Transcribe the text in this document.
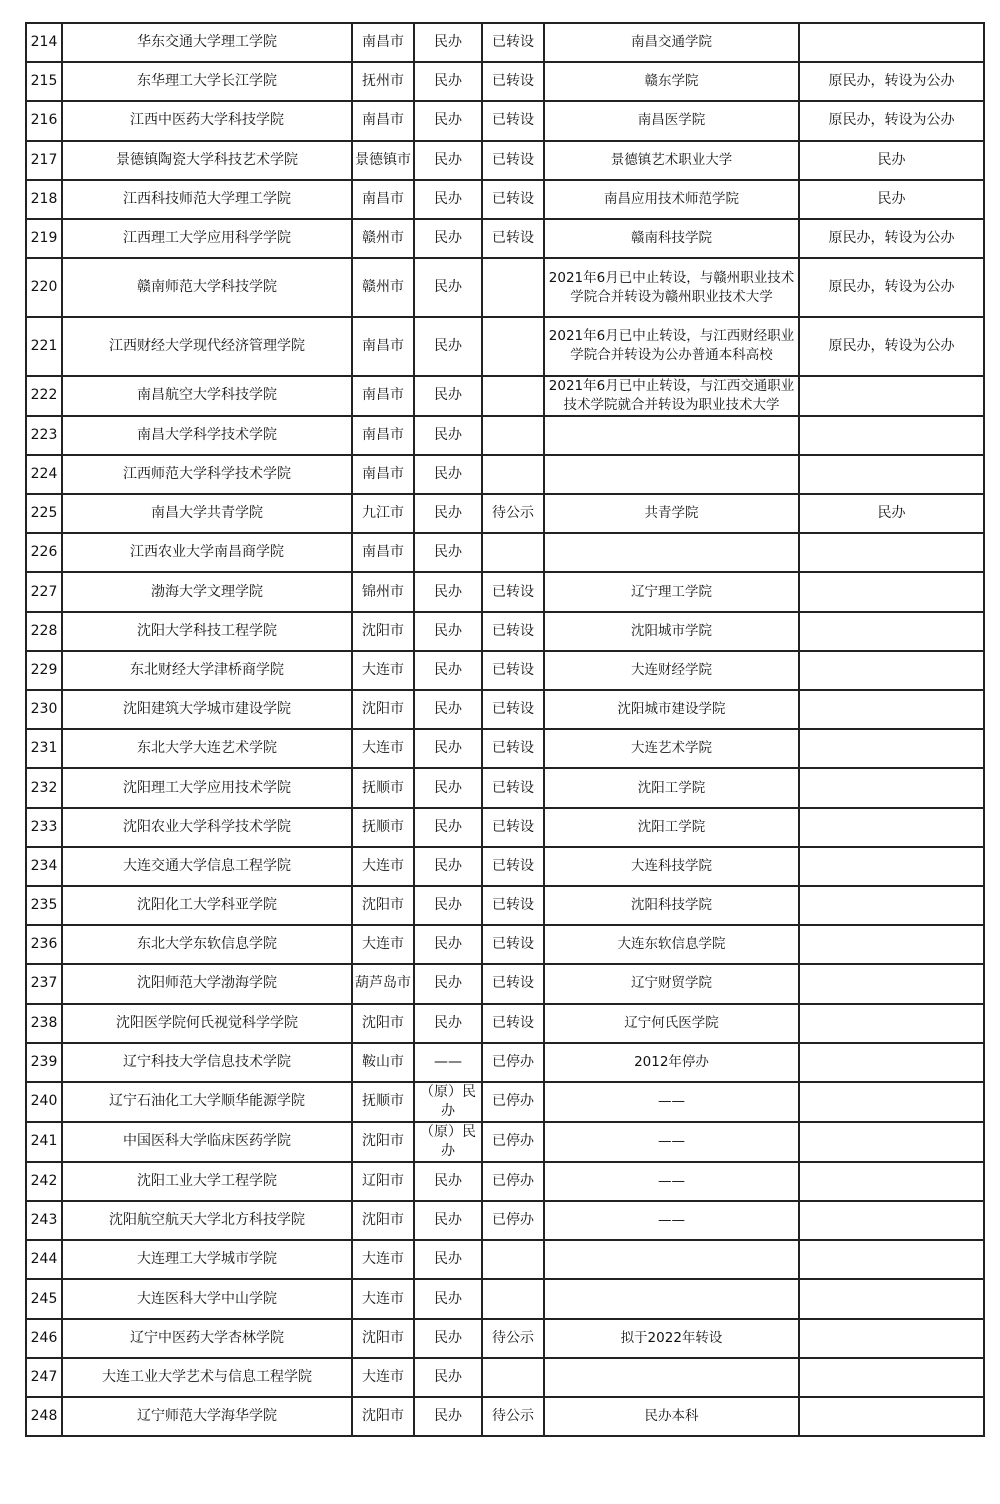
214	华东交通大学理工学院	南昌市	民办	已转设	南昌交通学院	
215	东华理工大学长江学院	抚州市	民办	已转设	赣东学院	原民办，转设为公办
216	江西中医药大学科技学院	南昌市	民办	已转设	南昌医学院	原民办，转设为公办
217	景德镇陶瓷大学科技艺术学院	景德镇市	民办	已转设	景德镇艺术职业大学	民办
218	江西科技师范大学理工学院	南昌市	民办	已转设	南昌应用技术师范学院	民办
219	江西理工大学应用科学学院	赣州市	民办	已转设	赣南科技学院	原民办，转设为公办
220	赣南师范大学科技学院	赣州市	民办		2021年6月已中止转设，与赣州职业技术学院合并转设为赣州职业技术大学	原民办，转设为公办
221	江西财经大学现代经济管理学院	南昌市	民办		2021年6月已中止转设，与江西财经职业学院合并转设为公办普通本科高校	原民办，转设为公办
222	南昌航空大学科技学院	南昌市	民办		2021年6月已中止转设，与江西交通职业技术学院就合并转设为职业技术大学	
223	南昌大学科学技术学院	南昌市	民办			
224	江西师范大学科学技术学院	南昌市	民办			
225	南昌大学共青学院	九江市	民办	待公示	共青学院	民办
226	江西农业大学南昌商学院	南昌市	民办			
227	渤海大学文理学院	锦州市	民办	已转设	辽宁理工学院	
228	沈阳大学科技工程学院	沈阳市	民办	已转设	沈阳城市学院	
229	东北财经大学津桥商学院	大连市	民办	已转设	大连财经学院	
230	沈阳建筑大学城市建设学院	沈阳市	民办	已转设	沈阳城市建设学院	
231	东北大学大连艺术学院	大连市	民办	已转设	大连艺术学院	
232	沈阳理工大学应用技术学院	抚顺市	民办	已转设	沈阳工学院	
233	沈阳农业大学科学技术学院	抚顺市	民办	已转设	沈阳工学院	
234	大连交通大学信息工程学院	大连市	民办	已转设	大连科技学院	
235	沈阳化工大学科亚学院	沈阳市	民办	已转设	沈阳科技学院	
236	东北大学东软信息学院	大连市	民办	已转设	大连东软信息学院	
237	沈阳师范大学渤海学院	葫芦岛市	民办	已转设	辽宁财贸学院	
238	沈阳医学院何氏视觉科学学院	沈阳市	民办	已转设	辽宁何氏医学院	
239	辽宁科技大学信息技术学院	鞍山市	——	已停办	2012年停办	
240	辽宁石油化工大学顺华能源学院	抚顺市	（原）民办	已停办	——	
241	中国医科大学临床医药学院	沈阳市	（原）民办	已停办	——	
242	沈阳工业大学工程学院	辽阳市	民办	已停办	——	
243	沈阳航空航天大学北方科技学院	沈阳市	民办	已停办	——	
244	大连理工大学城市学院	大连市	民办			
245	大连医科大学中山学院	大连市	民办			
246	辽宁中医药大学杏林学院	沈阳市	民办	待公示	拟于2022年转设	
247	大连工业大学艺术与信息工程学院	大连市	民办			
248	辽宁师范大学海华学院	沈阳市	民办	待公示	民办本科	
